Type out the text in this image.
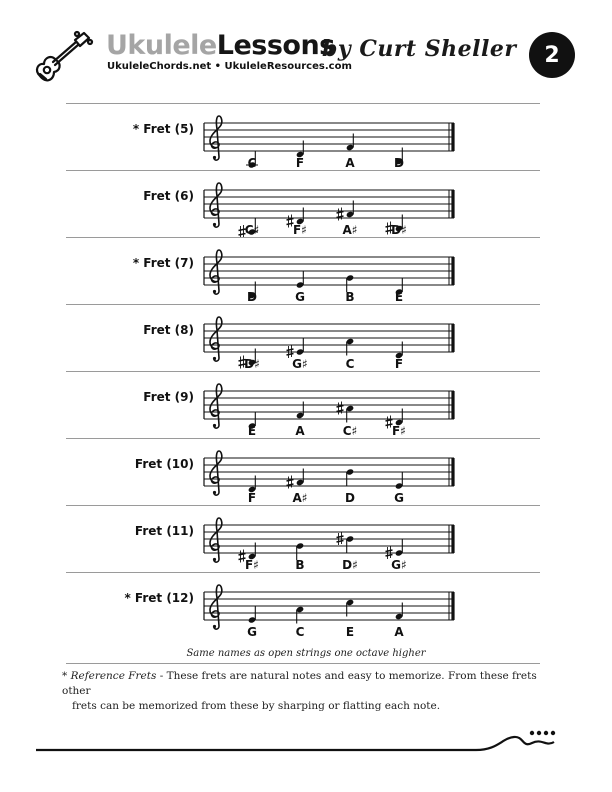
UkuleleLessons
by Curt Sheller
UkuleleChords.net • UkuleleResources.com	2
* Fret (5)
C	F	A	D
Fret (6)
C♯	F♯	A♯	D♯
* Fret (7)
D	G	B	E
Fret (8)
D♯	G♯	C	F
Fret (9)
E	A	C♯	F♯
Fret (10)
F	A♯	D	G
Fret (11)
F♯	B	D♯	G♯
* Fret (12)
G	C	E	A
Same names as open strings one octave higher
* Reference Frets - These frets are natural notes and easy to memorize. From these frets other
frets can be memorized from these by sharping or flatting each note.
